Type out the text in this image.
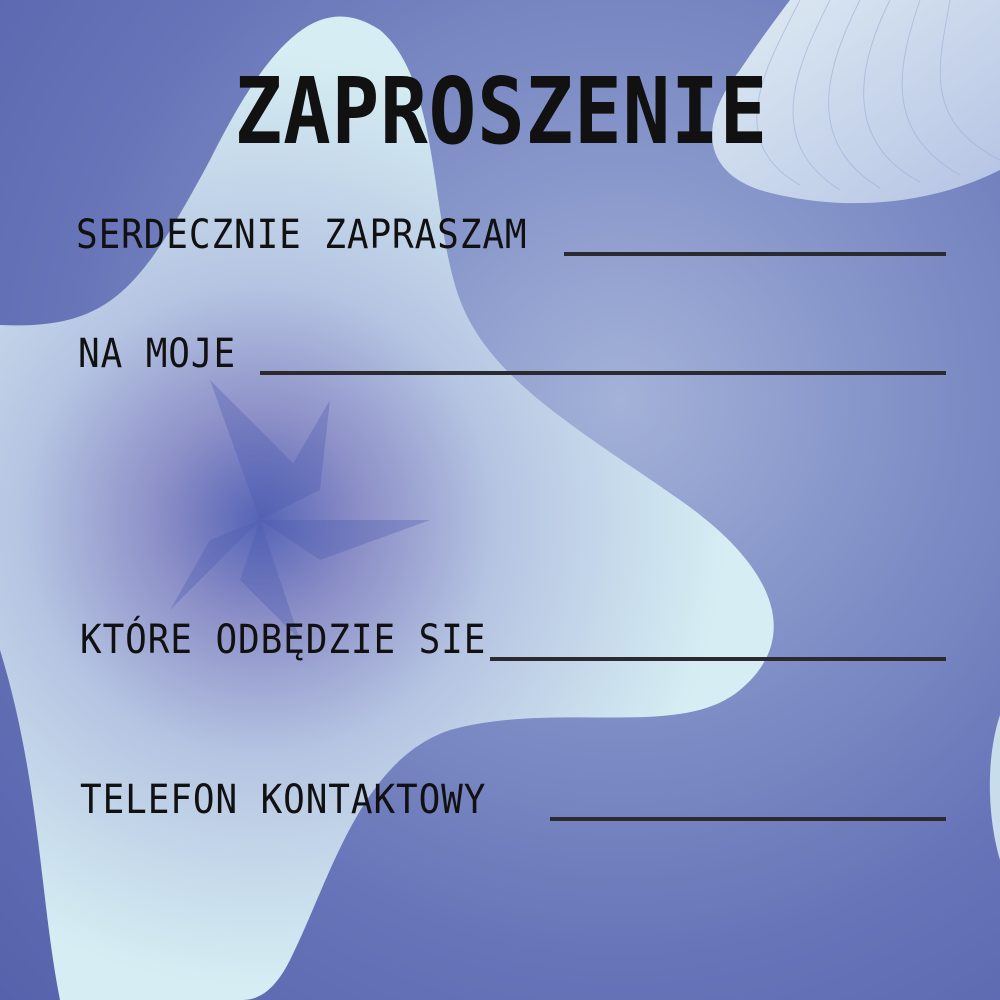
ZAPROSZENIE
SERDECZNIE ZAPRASZAM
NA MOJE
KTÓRE ODBĘDZIE SIE
TELEFON KONTAKTOWY
